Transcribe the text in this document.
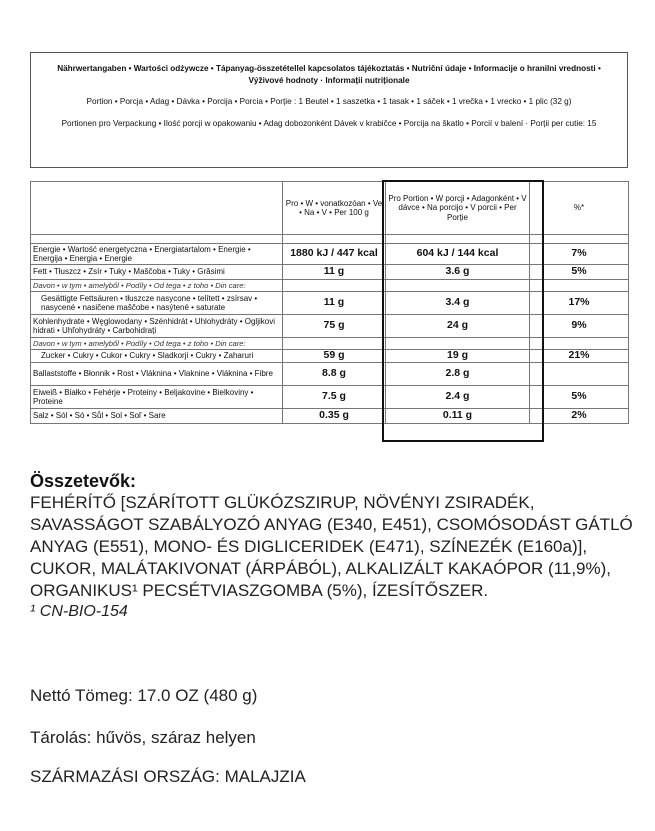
Nährwertangaben • Wartości odżywcze • Tápanyag-összetétellel kapcsolatos tájékoztatás • Nutriční údaje • Informacije o hranilni vrednosti • Výživové hodnoty · Informații nutriționale
Portion • Porcja • Adag • Dávka • Porcija • Porcia • Porție : 1 Beutel • 1 saszetka • 1 tasak • 1 sáček • 1 vrečka • 1 vrecko • 1 plic (32 g)
Portionen pro Verpackung • Ilość porcji w opakowaniu • Adag dobozonként Dávek v krabičce • Porcija na škatlo • Porcií v balení · Porții per cutie: 15
	Pro • W • vonatkozóan • Ve • Na • V • Per 100 g	Pro Portion • W porcji • Adagonként • V dávce • Na porcijo • V porcii • Per Porție	%*

Energie • Wartość energetyczna • Energiatartalom • Energie • Energija • Energia • Energie	1880 kJ / 447 kcal	604 kJ / 144 kcal	7%
Fett • Tłuszcz • Zsír • Tuky • Maščoba • Tuky • Grăsimi	11 g	3.6 g	5%
Davon • w tym • amelyből • Podíly • Od tega • z toho • Din care:			
Gesättigte Fettsäuren • tłuszcze nasycone • telített • zsírsav • nasycené • nasičene maščobe • nasýtené • saturate	11 g	3.4 g	17%
Kohlenhydrate • Węglowodany • Szénhidrát • Uhlohydráty • Ogljikovi hidrati • Uhľohydráty • Carbohidrați	75 g	24 g	9%
Davon • w tym • amelyből • Podíly • Od tega • z toho • Din care:			
Zucker • Cukry • Cukor • Cukry • Sladkorji • Cukry • Zaharuri	59 g	19 g	21%
Ballaststoffe • Błonnik • Rost • Vláknina • Vlaknine • Vláknina • Fibre	8.8 g	2.8 g	
Eiweiß • Białko • Fehérje • Proteiny • Beljakovine • Bielkoviny • Proteine	7.5 g	2.4 g	5%
Salz • Sól • Só • Sůl • Sol • Soľ • Sare	0.35 g	0.11 g	2%
Összetevők:
FEHÉRÍTŐ [SZÁRÍTOTT GLÜKÓZSZIRUP, NÖVÉNYI ZSIRADÉK, SAVASSÁGOT SZABÁLYOZÓ ANYAG (E340, E451), CSOMÓSODÁST GÁTLÓ ANYAG (E551), MONO- ÉS DIGLICERIDEK (E471), SZÍNEZÉK (E160a)], CUKOR, MALÁTAKIVONAT (ÁRPÁBÓL), ALKALIZÁLT KAKAÓPOR (11,9%), ORGANIKUS¹ PECSÉTVIASZGOMBA (5%), ÍZESÍTŐSZER.
¹ CN-BIO-154
Nettó Tömeg: 17.0 OZ (480 g)
Tárolás: hűvös, száraz helyen
SZÁRMAZÁSI ORSZÁG: MALAJZIA
